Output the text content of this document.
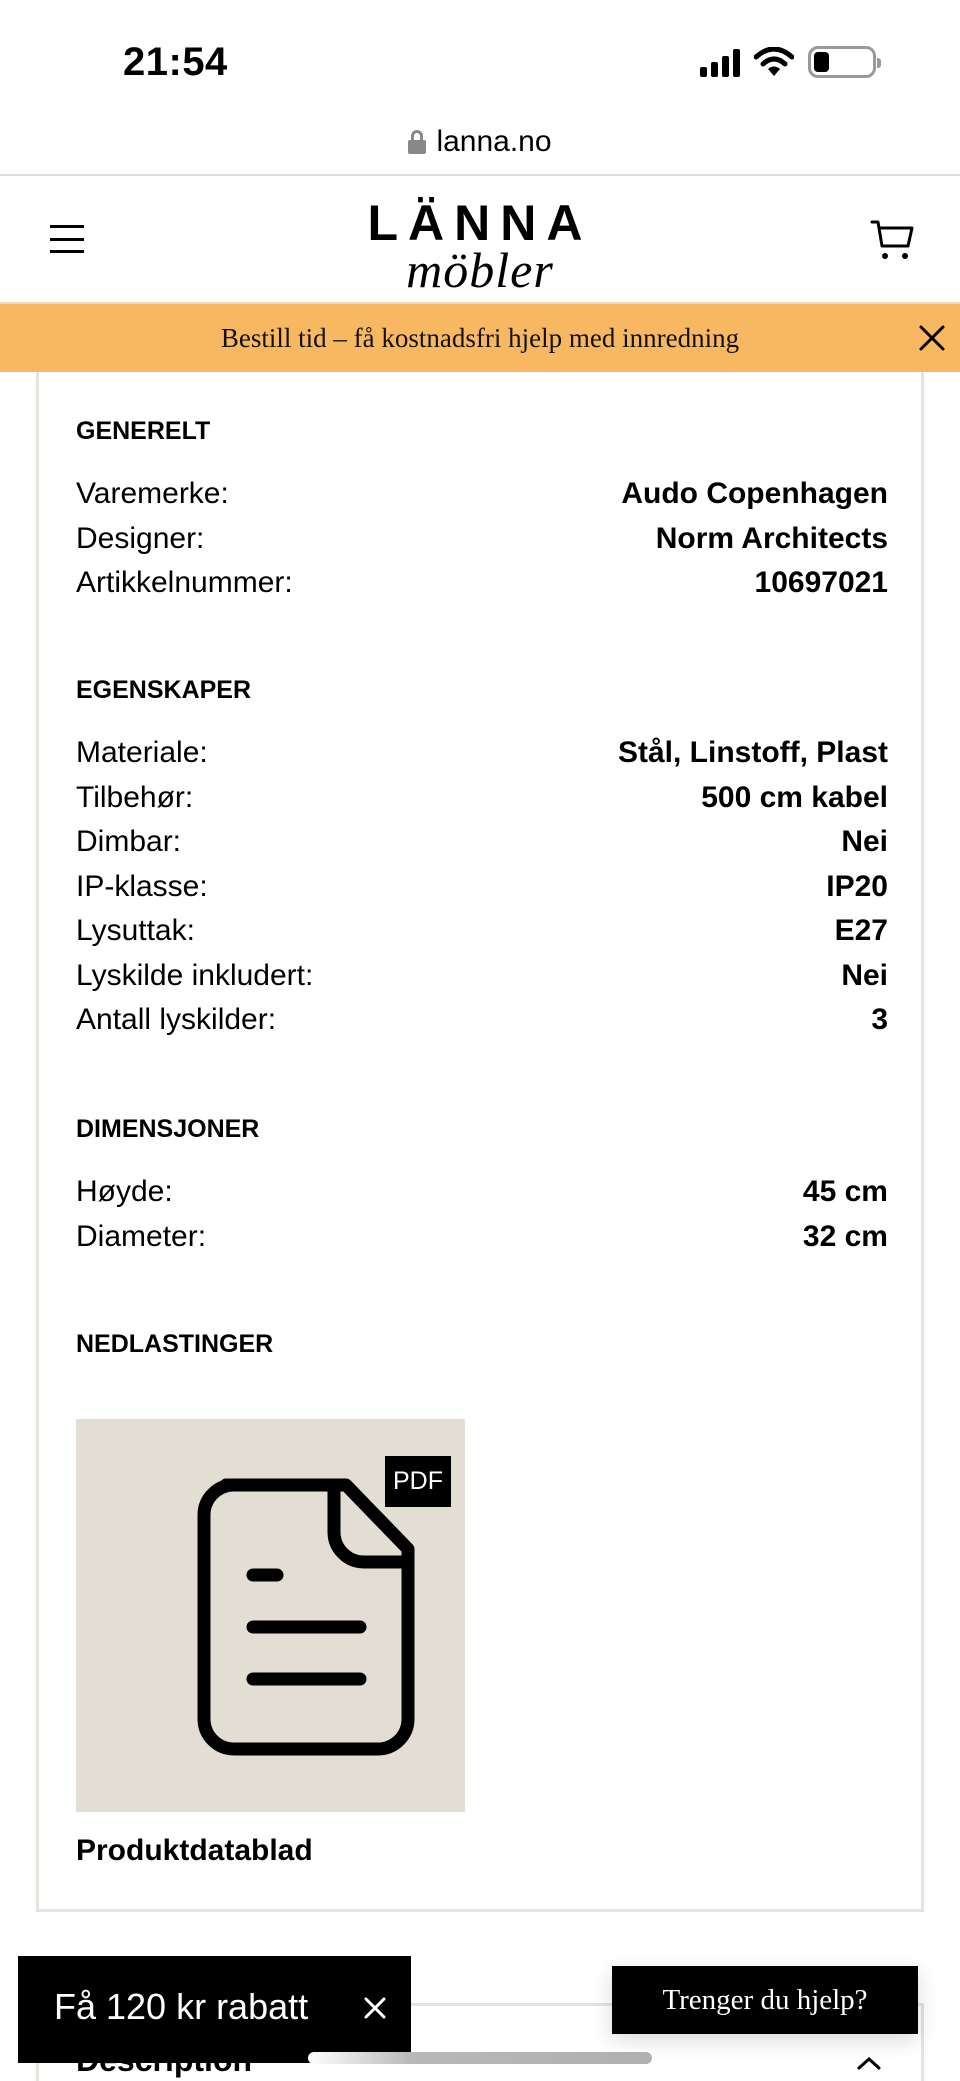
21:54
lanna.no
LÄNNA
möbler
Bestill tid – få kostnadsfri hjelp med innredning
GENERELT
Varemerke:	Audo Copenhagen
Designer:	Norm Architects
Artikkelnummer:	10697021
EGENSKAPER
Materiale:	Stål, Linstoff, Plast
Tilbehør:	500 cm kabel
Dimbar:	Nei
IP-klasse:	IP20
Lysuttak:	E27
Lyskilde inkludert:	Nei
Antall lyskilder:	3
DIMENSJONER
Høyde:	45 cm
Diameter:	32 cm
NEDLASTINGER
PDF
Produktdatablad
Få 120 kr rabatt	Trenger du hjelp?
